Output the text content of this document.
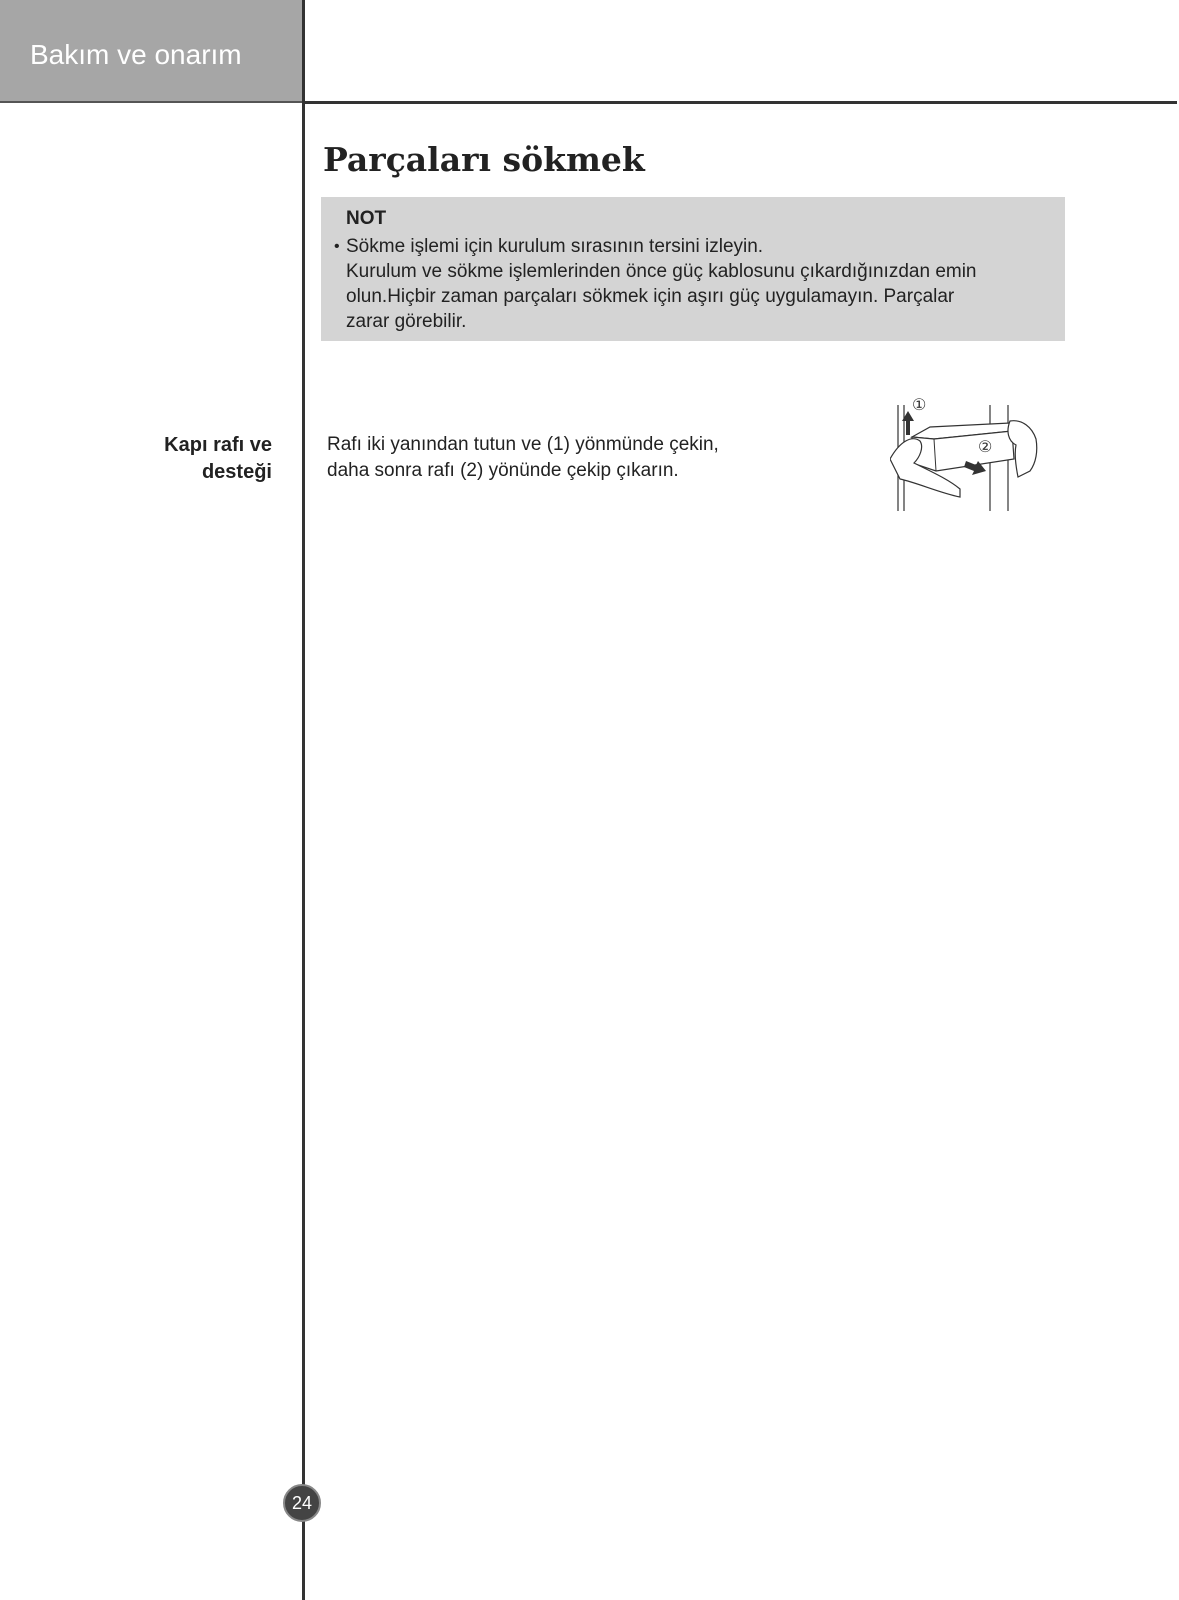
Bakım ve onarım
Parçaları sökmek
NOT
• Sökme işlemi için kurulum sırasının tersini izleyin.
Kurulum ve sökme işlemlerinden önce güç kablosunu çıkardığınızdan emin
olun.Hiçbir zaman parçaları sökmek için aşırı güç uygulamayın. Parçalar
zarar görebilir.
Kapı rafı ve
desteği
Rafı iki yanından tutun ve (1) yönmünde çekin,
daha sonra rafı (2) yönünde çekip çıkarın.
①
②
24
